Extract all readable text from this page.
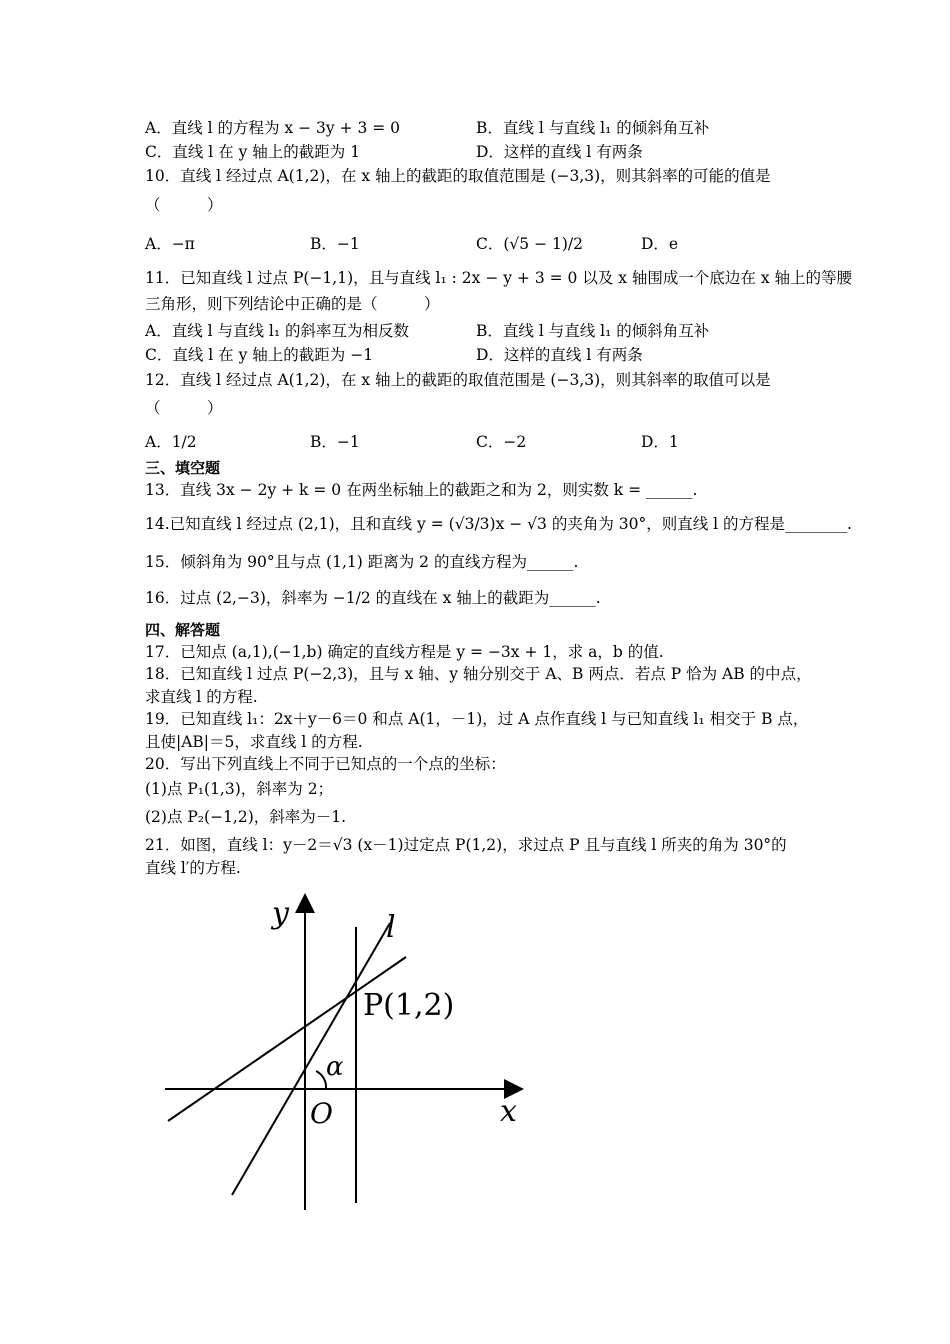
A．直线 l 的方程为 x − 3y + 3 = 0	B．直线 l 与直线 l₁ 的倾斜角互补
C．直线 l 在 y 轴上的截距为 1	D．这样的直线 l 有两条
10．直线 l 经过点 A(1,2)，在 x 轴上的截距的取值范围是 (−3,3)，则其斜率的可能的值是
（　　　）
A．−π	B．−1	C．(√5 − 1)/2	D．e
11．已知直线 l 过点 P(−1,1)，且与直线 l₁ : 2x − y + 3 = 0 以及 x 轴围成一个底边在 x 轴上的等腰
三角形，则下列结论中正确的是（　　　）
A．直线 l 与直线 l₁ 的斜率互为相反数	B．直线 l 与直线 l₁ 的倾斜角互补
C．直线 l 在 y 轴上的截距为 −1	D．这样的直线 l 有两条
12．直线 l 经过点 A(1,2)，在 x 轴上的截距的取值范围是 (−3,3)，则其斜率的取值可以是
（　　　）
A．1/2	B．−1	C．−2	D．1
三、填空题
13．直线 3x − 2y + k = 0 在两坐标轴上的截距之和为 2，则实数 k = ______.
14.已知直线 l 经过点 (2,1)，且和直线 y = (√3/3)x − √3 的夹角为 30°，则直线 l 的方程是________.
15．倾斜角为 90°且与点 (1,1) 距离为 2 的直线方程为______.
16．过点 (2,−3)，斜率为 −1/2 的直线在 x 轴上的截距为______.
四、解答题
17．已知点 (a,1),(−1,b) 确定的直线方程是 y = −3x + 1，求 a，b 的值.
18．已知直线 l 过点 P(−2,3)，且与 x 轴、y 轴分别交于 A、B 两点．若点 P 恰为 AB 的中点，
求直线 l 的方程.
19．已知直线 l₁：2x＋y－6＝0 和点 A(1，－1)，过 A 点作直线 l 与已知直线 l₁ 相交于 B 点，
且使|AB|＝5，求直线 l 的方程.
20．写出下列直线上不同于已知点的一个点的坐标：
(1)点 P₁(1,3)，斜率为 2；
(2)点 P₂(−1,2)，斜率为－1.
21．如图，直线 l：y－2＝√3 (x－1)过定点 P(1,2)，求过点 P 且与直线 l 所夹的角为 30°的
直线 l′的方程.
y
x
O
l
P(1,2)
α
